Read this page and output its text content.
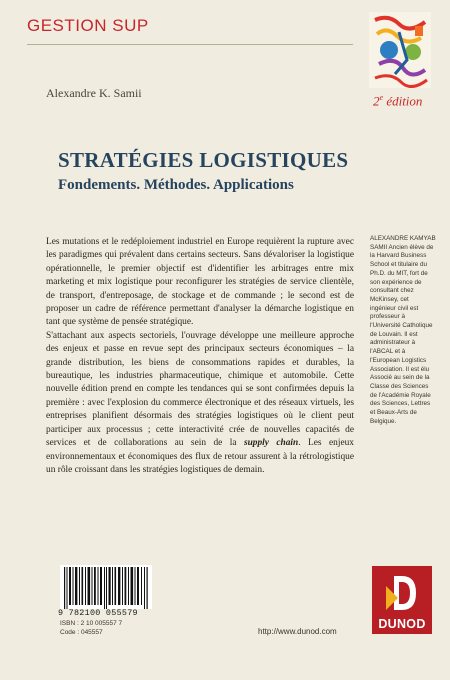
GESTION SUP
2e édition
Alexandre K. Samii
STRATÉGIES LOGISTIQUES
Fondements. Méthodes. Applications

Les mutations et le redéploiement industriel en Europe requièrent la rupture avec les paradigmes qui prévalent dans certains secteurs. Sans dévaloriser la logistique opérationnelle, le premier objectif est d'identifier les arbitrages entre mix marketing et mix logistique pour reconfigurer les stratégies de service clientèle, de transport, d'entreposage, de stockage et de commande ; le second est de proposer un cadre de référence permettant d'analyser la démarche logistique en tant que système de pensée stratégique.

S'attachant aux aspects sectoriels, l'ouvrage développe une meilleure approche des enjeux et passe en revue sept des principaux secteurs économiques – la grande distribution, les biens de consommations rapides et durables, la bureautique, les industries pharmaceutique, chimique et automobile. Cette nouvelle édition prend en compte les tendances qui se sont confirmées depuis la première : avec l'explosion du commerce électronique et des réseaux virtuels, les entreprises planifient désormais des stratégies logistiques où le client peut participer aux processus ; cette interactivité crée de nouvelles capacités de services et de collaborations au sein de la supply chain. Les enjeux environnementaux et économiques des flux de retour assurent à la rétrologistique un rôle croissant dans les stratégies logistiques de demain.

ALEXANDRE KAMYAB SAMII Ancien élève de la Harvard Business School et titulaire du Ph.D. du MIT, fort de son expérience de consultant chez McKinsey, cet ingénieur civil est professeur à l'Université Catholique de Louvain. Il est administrateur à l'ABCAL et à l'European Logistics Association. Il est élu Associé au sein de la Classe des Sciences de l'Académie Royale des Sciences, Lettres et Beaux-Arts de Belgique.
9 782100 055579
ISBN : 2 10 005557 7
Code : 045557	http://www.dunod.com
DUNOD
